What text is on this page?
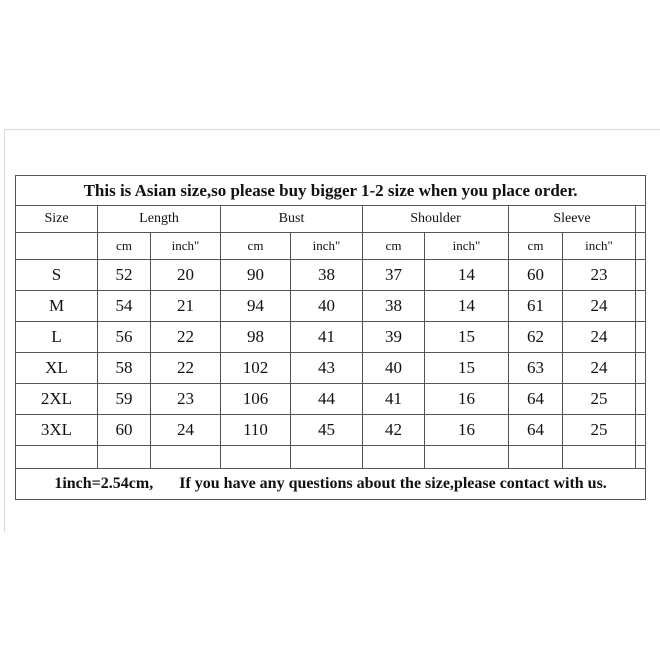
This is Asian size,so please buy bigger 1-2 size when you place order.									
Size	Length		Bust		Shoulder		Sleeve		
	cm	inch"	cm	inch"	cm	inch"	cm	inch"	
S	52	20	90	38	37	14	60	23	
M	54	21	94	40	38	14	61	24	
L	56	22	98	41	39	15	62	24	
XL	58	22	102	43	40	15	63	24	
2XL	59	23	106	44	41	16	64	25	
3XL	60	24	110	45	42	16	64	25	

1inch=2.54cm, If you have any questions about the size,please contact with us.									
